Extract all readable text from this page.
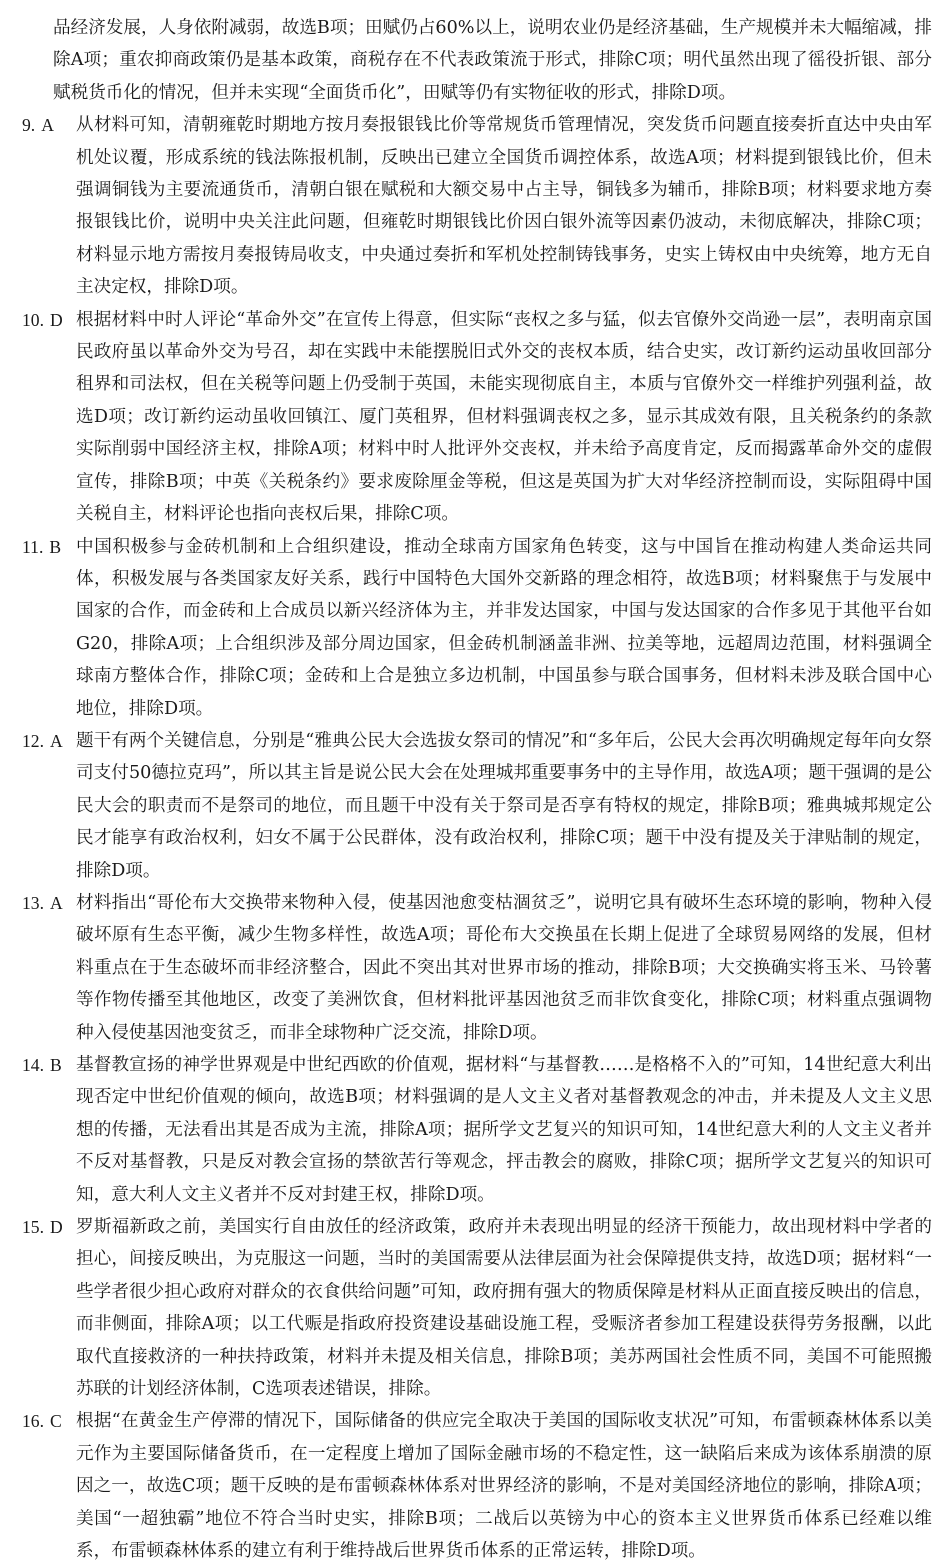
品经济发展，人身依附减弱，故选B项；田赋仍占60%以上，说明农业仍是经济基础，生产规模并未大幅缩减，排除A项；重农抑商政策仍是基本政策，商税存在不代表政策流于形式，排除C项；明代虽然出现了徭役折银、部分赋税货币化的情况，但并未实现“全面货币化”，田赋等仍有实物征收的形式，排除D项。

9. A 从材料可知，清朝雍乾时期地方按月奏报银钱比价等常规货币管理情况，突发货币问题直接奏折直达中央由军机处议覆，形成系统的钱法陈报机制，反映出已建立全国货币调控体系，故选A项；材料提到银钱比价，但未强调铜钱为主要流通货币，清朝白银在赋税和大额交易中占主导，铜钱多为辅币，排除B项；材料要求地方奏报银钱比价，说明中央关注此问题，但雍乾时期银钱比价因白银外流等因素仍波动，未彻底解决，排除C项；材料显示地方需按月奏报铸局收支，中央通过奏折和军机处控制铸钱事务，史实上铸权由中央统筹，地方无自主决定权，排除D项。

10. D 根据材料中时人评论“革命外交”在宣传上得意，但实际“丧权之多与猛，似去官僚外交尚逊一层”，表明南京国民政府虽以革命外交为号召，却在实践中未能摆脱旧式外交的丧权本质，结合史实，改订新约运动虽收回部分租界和司法权，但在关税等问题上仍受制于英国，未能实现彻底自主，本质与官僚外交一样维护列强利益，故选D项；改订新约运动虽收回镇江、厦门英租界，但材料强调丧权之多，显示其成效有限，且关税条约的条款实际削弱中国经济主权，排除A项；材料中时人批评外交丧权，并未给予高度肯定，反而揭露革命外交的虚假宣传，排除B项；中英《关税条约》要求废除厘金等税，但这是英国为扩大对华经济控制而设，实际阻碍中国关税自主，材料评论也指向丧权后果，排除C项。

11. B 中国积极参与金砖机制和上合组织建设，推动全球南方国家角色转变，这与中国旨在推动构建人类命运共同体，积极发展与各类国家友好关系，践行中国特色大国外交新路的理念相符，故选B项；材料聚焦于与发展中国家的合作，而金砖和上合成员以新兴经济体为主，并非发达国家，中国与发达国家的合作多见于其他平台如G20，排除A项；上合组织涉及部分周边国家，但金砖机制涵盖非洲、拉美等地，远超周边范围，材料强调全球南方整体合作，排除C项；金砖和上合是独立多边机制，中国虽参与联合国事务，但材料未涉及联合国中心地位，排除D项。

12. A 题干有两个关键信息，分别是“雅典公民大会选拔女祭司的情况”和“多年后，公民大会再次明确规定每年向女祭司支付50德拉克玛”，所以其主旨是说公民大会在处理城邦重要事务中的主导作用，故选A项；题干强调的是公民大会的职责而不是祭司的地位，而且题干中没有关于祭司是否享有特权的规定，排除B项；雅典城邦规定公民才能享有政治权利，妇女不属于公民群体，没有政治权利，排除C项；题干中没有提及关于津贴制的规定，排除D项。

13. A 材料指出“哥伦布大交换带来物种入侵，使基因池愈变枯涸贫乏”，说明它具有破坏生态环境的影响，物种入侵破坏原有生态平衡，减少生物多样性，故选A项；哥伦布大交换虽在长期上促进了全球贸易网络的发展，但材料重点在于生态破坏而非经济整合，因此不突出其对世界市场的推动，排除B项；大交换确实将玉米、马铃薯等作物传播至其他地区，改变了美洲饮食，但材料批评基因池贫乏而非饮食变化，排除C项；材料重点强调物种入侵使基因池变贫乏，而非全球物种广泛交流，排除D项。

14. B 基督教宣扬的神学世界观是中世纪西欧的价值观，据材料“与基督教……是格格不入的”可知，14世纪意大利出现否定中世纪价值观的倾向，故选B项；材料强调的是人文主义者对基督教观念的冲击，并未提及人文主义思想的传播，无法看出其是否成为主流，排除A项；据所学文艺复兴的知识可知，14世纪意大利的人文主义者并不反对基督教，只是反对教会宣扬的禁欲苦行等观念，抨击教会的腐败，排除C项；据所学文艺复兴的知识可知，意大利人文主义者并不反对封建王权，排除D项。

15. D 罗斯福新政之前，美国实行自由放任的经济政策，政府并未表现出明显的经济干预能力，故出现材料中学者的担心，间接反映出，为克服这一问题，当时的美国需要从法律层面为社会保障提供支持，故选D项；据材料“一些学者很少担心政府对群众的衣食供给问题”可知，政府拥有强大的物质保障是材料从正面直接反映出的信息，而非侧面，排除A项；以工代赈是指政府投资建设基础设施工程，受赈济者参加工程建设获得劳务报酬，以此取代直接救济的一种扶持政策，材料并未提及相关信息，排除B项；美苏两国社会性质不同，美国不可能照搬苏联的计划经济体制，C选项表述错误，排除。

16. C 根据“在黄金生产停滞的情况下，国际储备的供应完全取决于美国的国际收支状况”可知，布雷顿森林体系以美元作为主要国际储备货币，在一定程度上增加了国际金融市场的不稳定性，这一缺陷后来成为该体系崩溃的原因之一，故选C项；题干反映的是布雷顿森林体系对世界经济的影响，不是对美国经济地位的影响，排除A项；美国“一超独霸”地位不符合当时史实，排除B项；二战后以英镑为中心的资本主义世界货币体系已经难以维系，布雷顿森林体系的建立有利于维持战后世界货币体系的正常运转，排除D项。
